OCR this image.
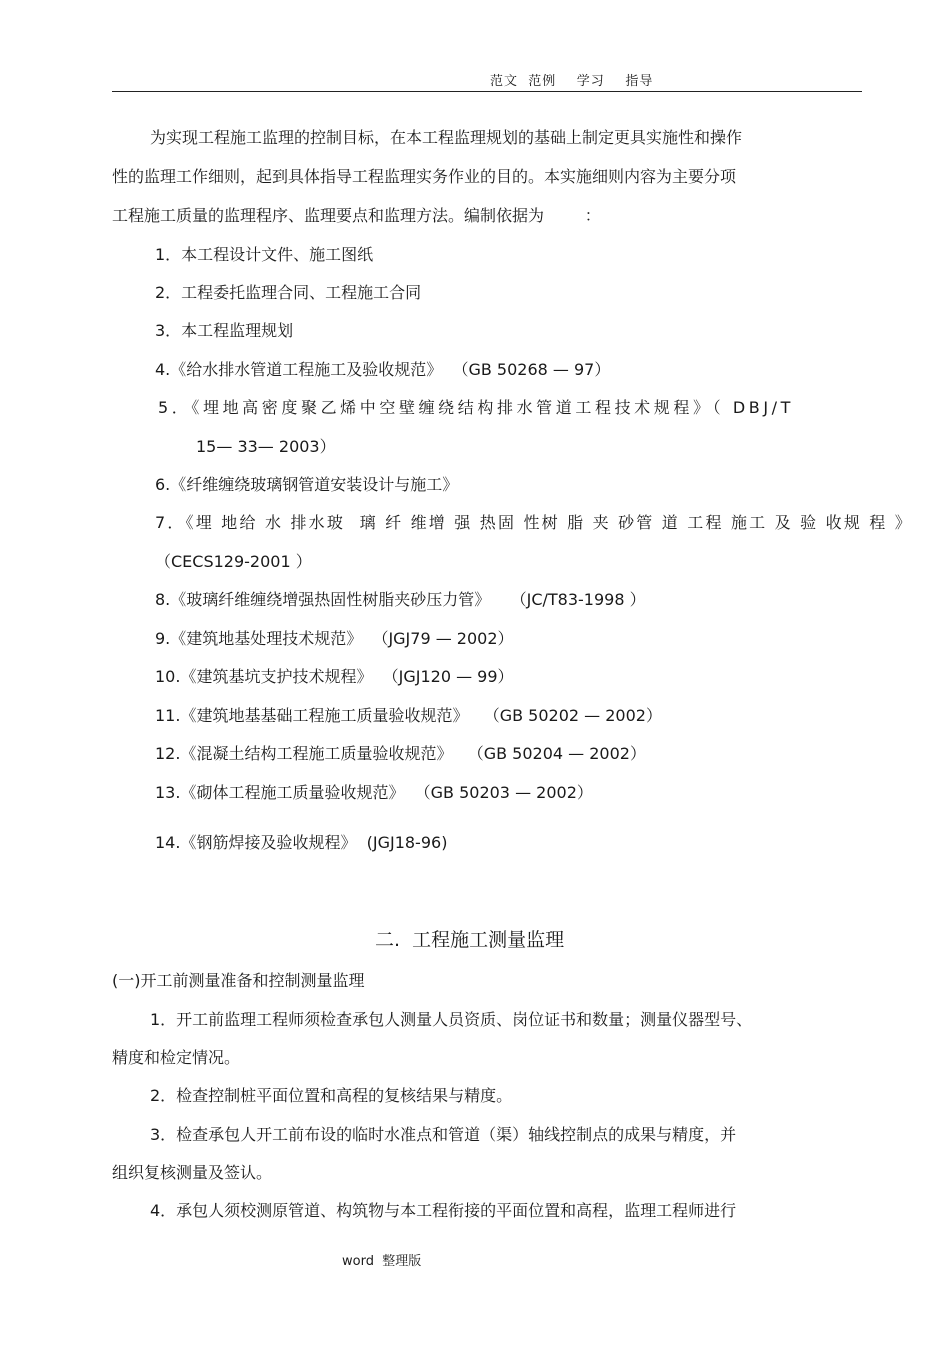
范文  范例    学习    指导
为实现工程施工监理的控制目标，在本工程监理规划的基础上制定更具实施性和操作
性的监理工作细则，起到具体指导工程监理实务作业的目的。本实施细则内容为主要分项
工程施工质量的监理程序、监理要点和监理方法。编制依据为        ：
1．本工程设计文件、施工图纸
2．工程委托监理合同、工程施工合同
3．本工程监理规划
4.《给水排水管道工程施工及验收规范》  （GB 50268 — 97）
5．《埋地高密度聚乙烯中空壁缠绕结构排水管道工程技术规程》（ DBJ/T
15— 33— 2003）
6.《纤维缠绕玻璃钢管道安装设计与施工》
7．《埋 地给 水 排水玻  璃 纤 维增 强 热固 性树 脂 夹 砂管 道 工程 施工 及 验 收规 程 》
（CECS129-2001 ）
8.《玻璃纤维缠绕增强热固性树脂夹砂压力管》    （JC/T83-1998 ）
9.《建筑地基处理技术规范》  （JGJ79 — 2002）
10.《建筑基坑支护技术规程》  （JGJ120 — 99）
11.《建筑地基基础工程施工质量验收规范》   （GB 50202 — 2002）
12.《混凝土结构工程施工质量验收规范》   （GB 50204 — 2002）
13.《砌体工程施工质量验收规范》  （GB 50203 — 2002）
14.《钢筋焊接及验收规程》  (JGJ18-96)
二.  工程施工测量监理
(一)开工前测量准备和控制测量监理
1．开工前监理工程师须检查承包人测量人员资质、岗位证书和数量；测量仪器型号、
精度和检定情况。
2．检查控制桩平面位置和高程的复核结果与精度。
3．检查承包人开工前布设的临时水准点和管道（渠）轴线控制点的成果与精度，并
组织复核测量及签认。
4．承包人须校测原管道、构筑物与本工程衔接的平面位置和高程，监理工程师进行
word  整理版
